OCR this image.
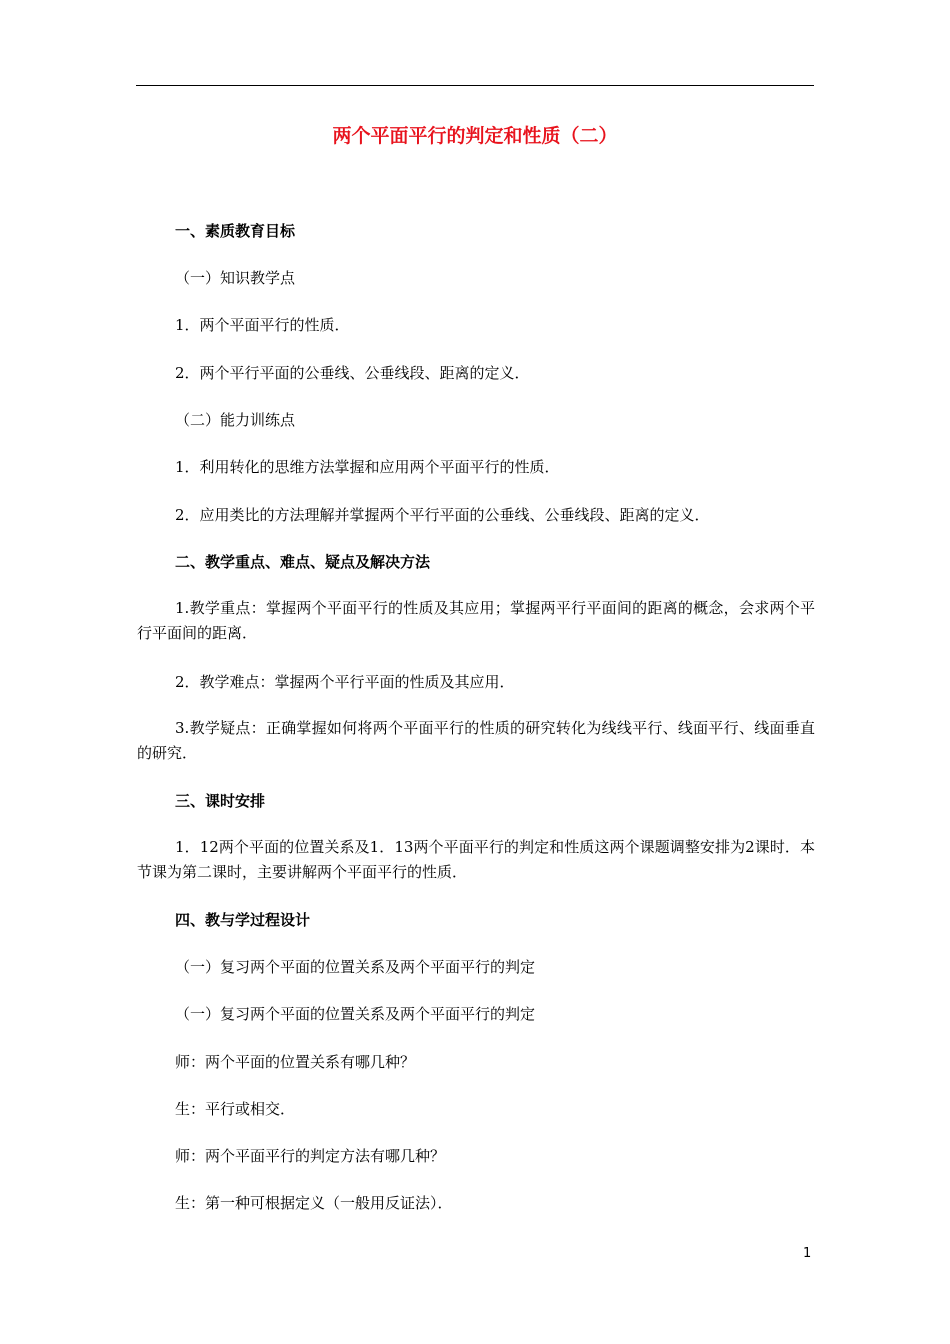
两个平面平行的判定和性质（二）
一、素质教育目标
（一）知识教学点
1．两个平面平行的性质．
2．两个平行平面的公垂线、公垂线段、距离的定义．
（二）能力训练点
1．利用转化的思维方法掌握和应用两个平面平行的性质．
2．应用类比的方法理解并掌握两个平行平面的公垂线、公垂线段、距离的定义．
二、教学重点、难点、疑点及解决方法
1.教学重点：掌握两个平面平行的性质及其应用；掌握两平行平面间的距离的概念，会求两个平行平面间的距离．
2．教学难点：掌握两个平行平面的性质及其应用．
3.教学疑点：正确掌握如何将两个平面平行的性质的研究转化为线线平行、线面平行、线面垂直的研究．
三、课时安排
1．12两个平面的位置关系及1．13两个平面平行的判定和性质这两个课题调整安排为2课时．本节课为第二课时，主要讲解两个平面平行的性质．
四、教与学过程设计
（一）复习两个平面的位置关系及两个平面平行的判定
（一）复习两个平面的位置关系及两个平面平行的判定
师：两个平面的位置关系有哪几种？
生：平行或相交．
师：两个平面平行的判定方法有哪几种？
生：第一种可根据定义（一般用反证法）．
1
